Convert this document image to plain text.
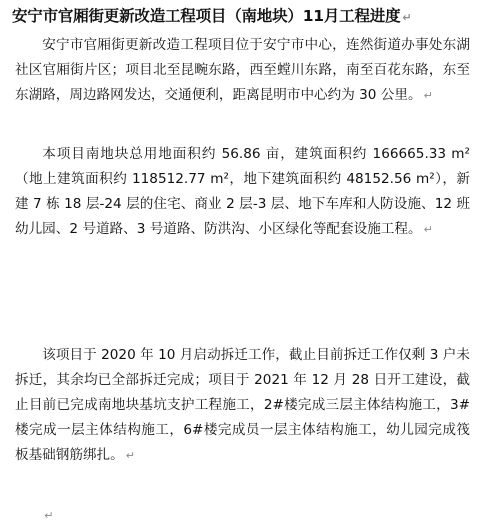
安宁市官厢街更新改造工程项目（南地块）11月工程进度 ↵
安宁市官厢街更新改造工程项目位于安宁市中心，连然街道办事处东湖社区官厢街片区；项目北至昆畹东路，西至螳川东路，南至百花东路，东至东湖路，周边路网发达，交通便利，距离昆明市中心约为 30 公里。 ↵
本项目南地块总用地面积约 56.86 亩，建筑面积约 166665.33 m²（地上建筑面积约 118512.77 m²，地下建筑面积约 48152.56 m²），新建 7 栋 18 层-24 层的住宅、商业 2 层-3 层、地下车库和人防设施、12 班幼儿园、2 号道路、3 号道路、防洪沟、小区绿化等配套设施工程。 ↵
该项目于 2020 年 10 月启动拆迁工作，截止目前拆迁工作仅剩 3 户未拆迁，其余均已全部拆迁完成；项目于 2021 年 12 月 28 日开工建设，截止目前已完成南地块基坑支护工程施工，2#楼完成三层主体结构施工，3#楼完成一层主体结构施工，6#楼完成员一层主体结构施工，幼儿园完成筏板基础钢筋绑扎。 ↵
↵
